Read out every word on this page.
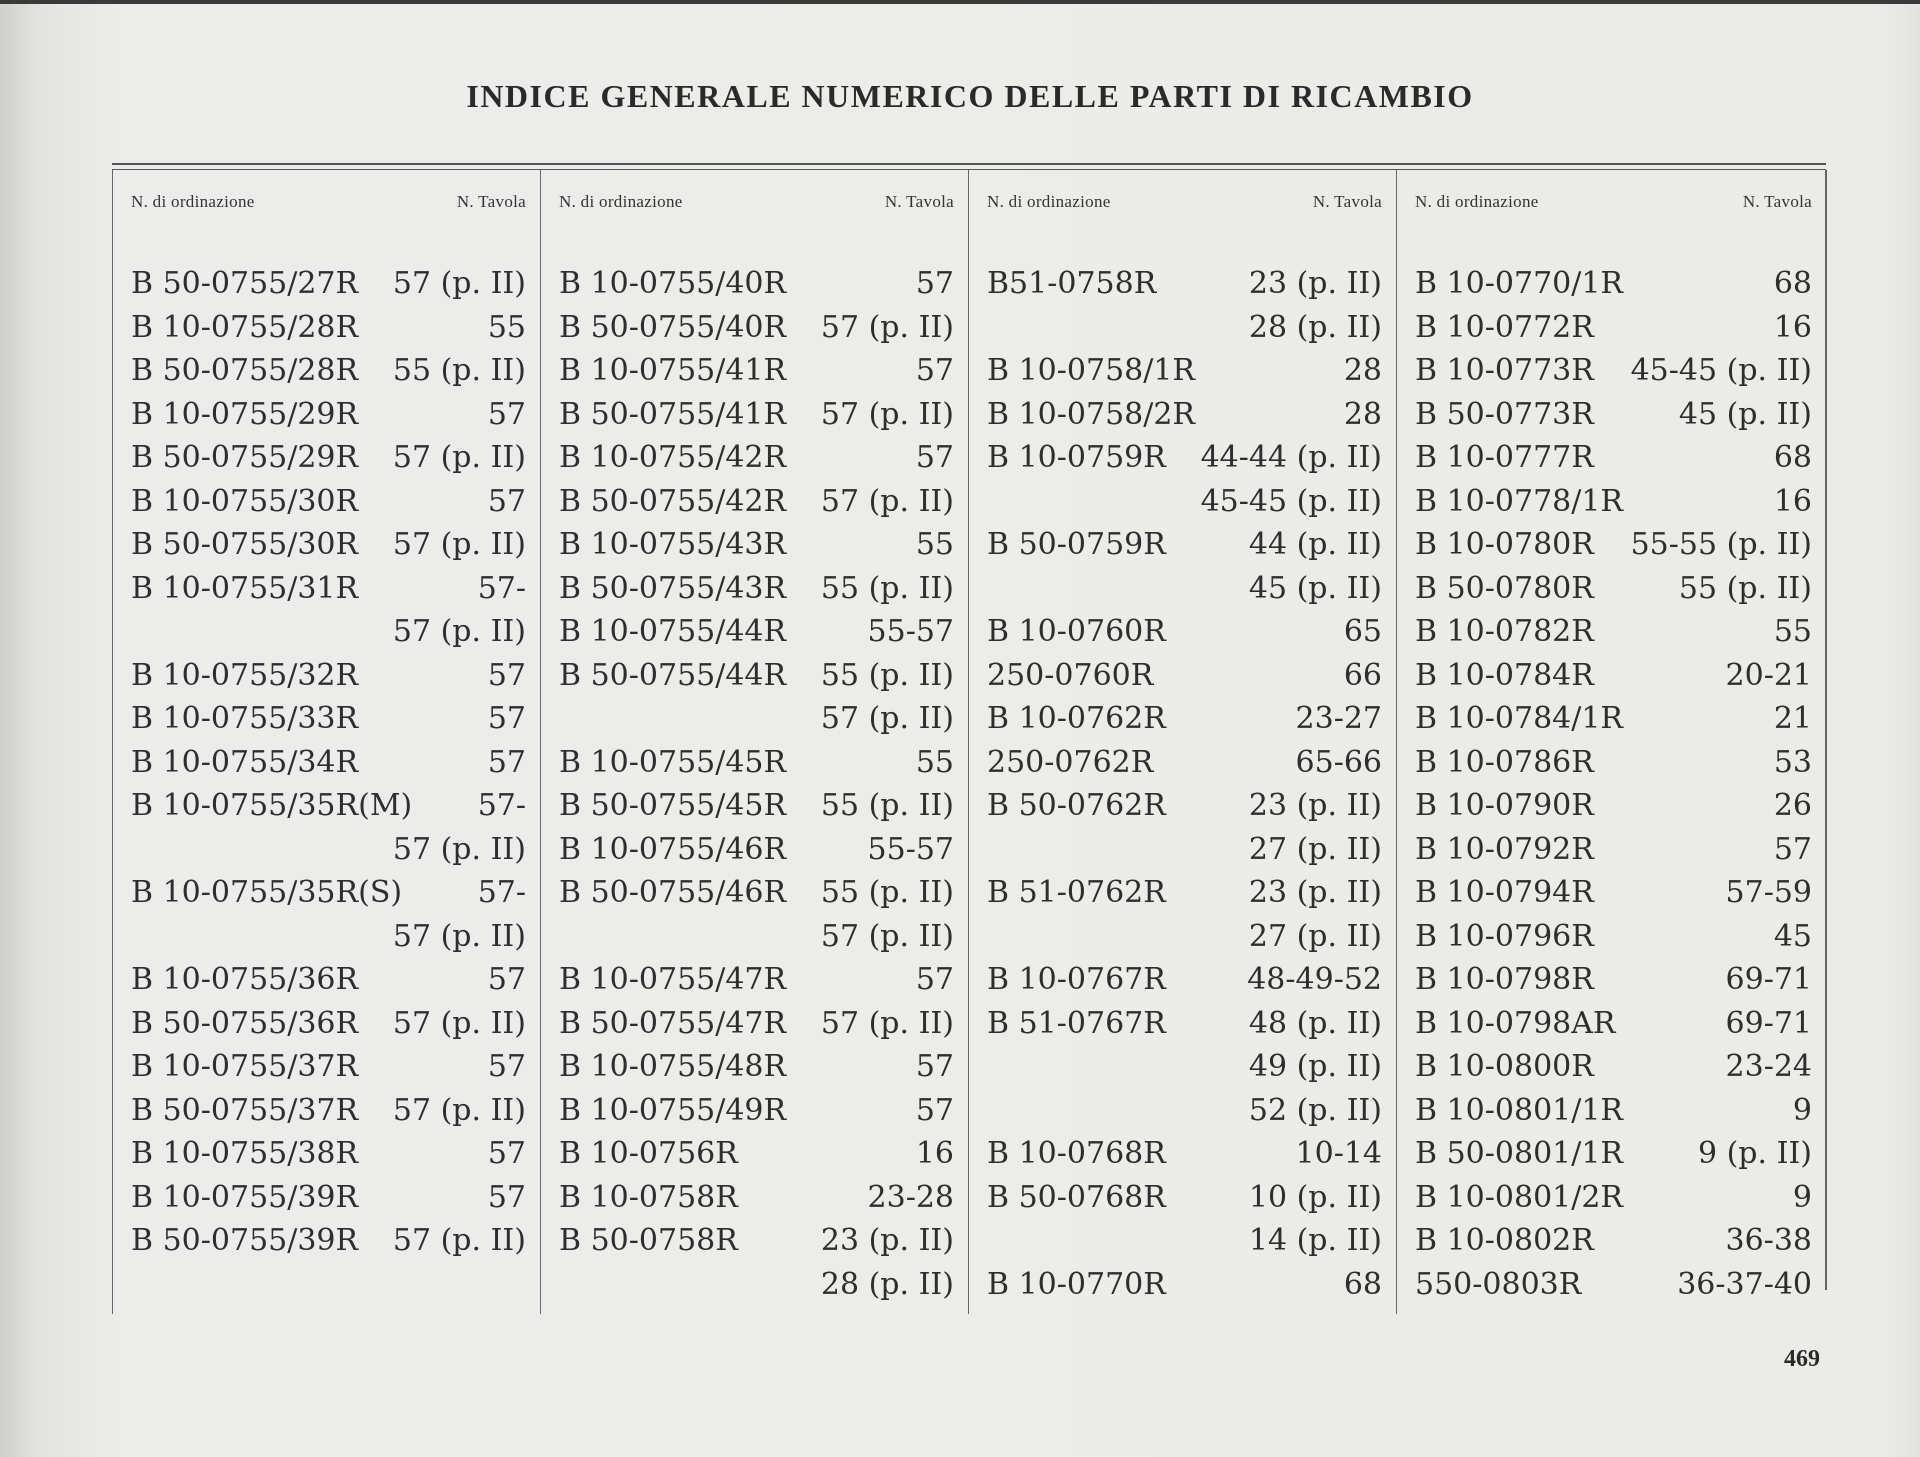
INDICE GENERALE NUMERICO DELLE PARTI DI RICAMBIO
N. di ordinazione	N. Tavola
B 50-0755/27R 57 (p. II)
B 10-0755/28R	55
B 50-0755/28R 55 (p. II)
B 10-0755/29R	57
B 50-0755/29R 57 (p. II)
B 10-0755/30R	57
B 50-0755/30R 57 (p. II)
B 10-0755/31R	57-
57 (p. II)
B 10-0755/32R	57
B 10-0755/33R	57
B 10-0755/34R	57
B 10-0755/35R(M) 57-
57 (p. II)
B 10-0755/35R(S)	57-
57 (p. II)
B 10-0755/36R	57
B 50-0755/36R 57 (p. II)
B 10-0755/37R	57
B 50-0755/37R 57 (p. II)
B 10-0755/38R	57
B 10-0755/39R	57
B 50-0755/39R 57 (p. II)
N. di ordinazione	N. Tavola
B 10-0755/40R	57
B 50-0755/40R 57 (p. II)
B 10-0755/41R	57
B 50-0755/41R 57 (p. II)
B 10-0755/42R	57
B 50-0755/42R 57 (p. II)
B 10-0755/43R	55
B 50-0755/43R 55 (p. II)
B 10-0755/44R	55-57
B 50-0755/44R 55 (p. II)
57 (p. II)
B 10-0755/45R	55
B 50-0755/45R 55 (p. II)
B 10-0755/46R	55-57
B 50-0755/46R 55 (p. II)
57 (p. II)
B 10-0755/47R	57
B 50-0755/47R 57 (p. II)
B 10-0755/48R	57
B 10-0755/49R	57
B 10-0756R	16
B 10-0758R	23-28
B 50-0758R	23 (p. II)
28 (p. II)
N. di ordinazione	N. Tavola
B51-0758R	23 (p. II)
28 (p. II)
B 10-0758/1R	28
B 10-0758/2R	28
B 10-0759R 44-44 (p. II)
45-45 (p. II)
B 50-0759R	44 (p. II)
45 (p. II)
B 10-0760R	65
250-0760R	66
B 10-0762R	23-27
250-0762R	65-66
B 50-0762R	23 (p. II)
27 (p. II)
B 51-0762R	23 (p. II)
27 (p. II)
B 10-0767R	48-49-52
B 51-0767R	48 (p. II)
49 (p. II)
52 (p. II)
B 10-0768R	10-14
B 50-0768R	10 (p. II)
14 (p. II)
B 10-0770R	68
N. di ordinazione	N. Tavola
B 10-0770/1R	68
B 10-0772R	16
B 10-0773R 45-45 (p. II)
B 50-0773R	45 (p. II)
B 10-0777R	68
B 10-0778/1R	16
B 10-0780R 55-55 (p. II)
B 50-0780R	55 (p. II)
B 10-0782R	55
B 10-0784R	20-21
B 10-0784/1R	21
B 10-0786R	53
B 10-0790R	26
B 10-0792R	57
B 10-0794R	57-59
B 10-0796R	45
B 10-0798R	69-71
B 10-0798AR	69-71
B 10-0800R	23-24
B 10-0801/1R	9
B 50-0801/1R 9 (p. II)
B 10-0801/2R	9
B 10-0802R	36-38
550-0803R	36-37-40
469
